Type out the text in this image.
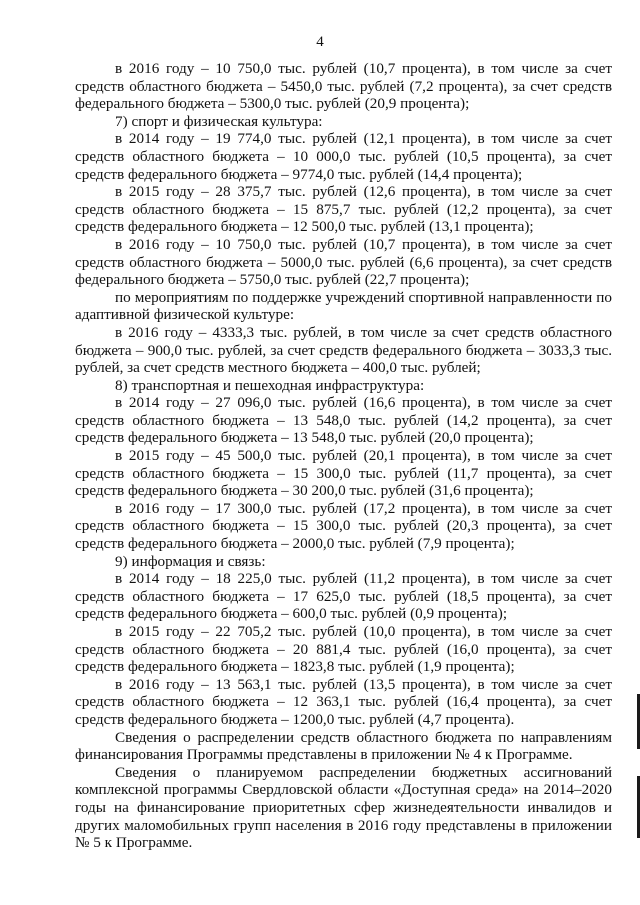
4

в 2016 году – 10 750,0 тыс. рублей (10,7 процента), в том числе за счет средств областного бюджета – 5450,0 тыс. рублей (7,2 процента), за счет средств федерального бюджета – 5300,0 тыс. рублей (20,9 процента);

7) спорт и физическая культура:

в 2014 году – 19 774,0 тыс. рублей (12,1 процента), в том числе за счет средств областного бюджета – 10 000,0 тыс. рублей (10,5 процента), за счет средств федерального бюджета – 9774,0 тыс. рублей (14,4 процента);

в 2015 году – 28 375,7 тыс. рублей (12,6 процента), в том числе за счет средств областного бюджета – 15 875,7 тыс. рублей (12,2 процента), за счет средств федерального бюджета – 12 500,0 тыс. рублей (13,1 процента);

в 2016 году – 10 750,0 тыс. рублей (10,7 процента), в том числе за счет средств областного бюджета – 5000,0 тыс. рублей (6,6 процента), за счет средств федерального бюджета – 5750,0 тыс. рублей (22,7 процента);

по мероприятиям по поддержке учреждений спортивной направленности по адаптивной физической культуре:

в 2016 году – 4333,3 тыс. рублей, в том числе за счет средств областного бюджета – 900,0 тыс. рублей, за счет средств федерального бюджета – 3033,3 тыс. рублей, за счет средств местного бюджета – 400,0 тыс. рублей;

8) транспортная и пешеходная инфраструктура:

в 2014 году – 27 096,0 тыс. рублей (16,6 процента), в том числе за счет средств областного бюджета – 13 548,0 тыс. рублей (14,2 процента), за счет средств федерального бюджета – 13 548,0 тыс. рублей (20,0 процента);

в 2015 году – 45 500,0 тыс. рублей (20,1 процента), в том числе за счет средств областного бюджета – 15 300,0 тыс. рублей (11,7 процента), за счет средств федерального бюджета – 30 200,0 тыс. рублей (31,6 процента);

в 2016 году – 17 300,0 тыс. рублей (17,2 процента), в том числе за счет средств областного бюджета – 15 300,0 тыс. рублей (20,3 процента), за счет средств федерального бюджета – 2000,0 тыс. рублей (7,9 процента);

9) информация и связь:

в 2014 году – 18 225,0 тыс. рублей (11,2 процента), в том числе за счет средств областного бюджета – 17 625,0 тыс. рублей (18,5 процента), за счет средств федерального бюджета – 600,0 тыс. рублей (0,9 процента);

в 2015 году – 22 705,2 тыс. рублей (10,0 процента), в том числе за счет средств областного бюджета – 20 881,4 тыс. рублей (16,0 процента), за счет средств федерального бюджета – 1823,8 тыс. рублей (1,9 процента);

в 2016 году – 13 563,1 тыс. рублей (13,5 процента), в том числе за счет средств областного бюджета – 12 363,1 тыс. рублей (16,4 процента), за счет средств федерального бюджета – 1200,0 тыс. рублей (4,7 процента).

Сведения о распределении средств областного бюджета по направлениям финансирования Программы представлены в приложении № 4 к Программе.

Сведения о планируемом распределении бюджетных ассигнований комплексной программы Свердловской области «Доступная среда» на 2014–2020 годы на финансирование приоритетных сфер жизнедеятельности инвалидов и других маломобильных групп населения в 2016 году представлены в приложении № 5 к Программе.
